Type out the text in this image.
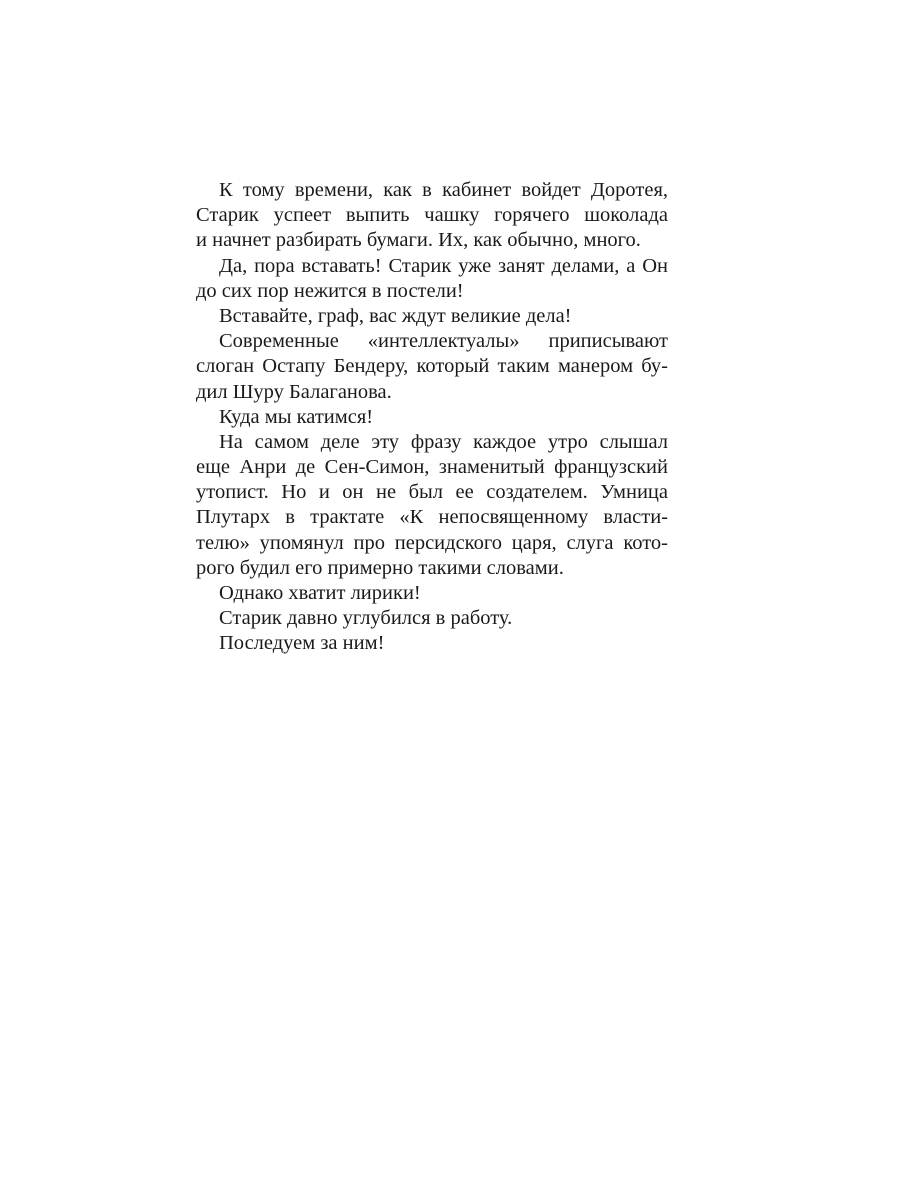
К тому времени, как в кабинет войдет Доротея,
Старик успеет выпить чашку горячего шоколада
и начнет разбирать бумаги. Их, как обычно, много.
Да, пора вставать! Старик уже занят делами, а Он
до сих пор нежится в постели!
Вставайте, граф, вас ждут великие дела!
Современные «интеллектуалы» приписывают
слоган Остапу Бендеру, который таким манером бу-
дил Шуру Балаганова.
Куда мы катимся!
На самом деле эту фразу каждое утро слышал
еще Анри де Сен-Симон, знаменитый французский
утопист. Но и он не был ее создателем. Умница
Плутарх в трактате «К непосвященному власти-
телю» упомянул про персидского царя, слуга кото-
рого будил его примерно такими словами.
Однако хватит лирики!
Старик давно углубился в работу.
Последуем за ним!
